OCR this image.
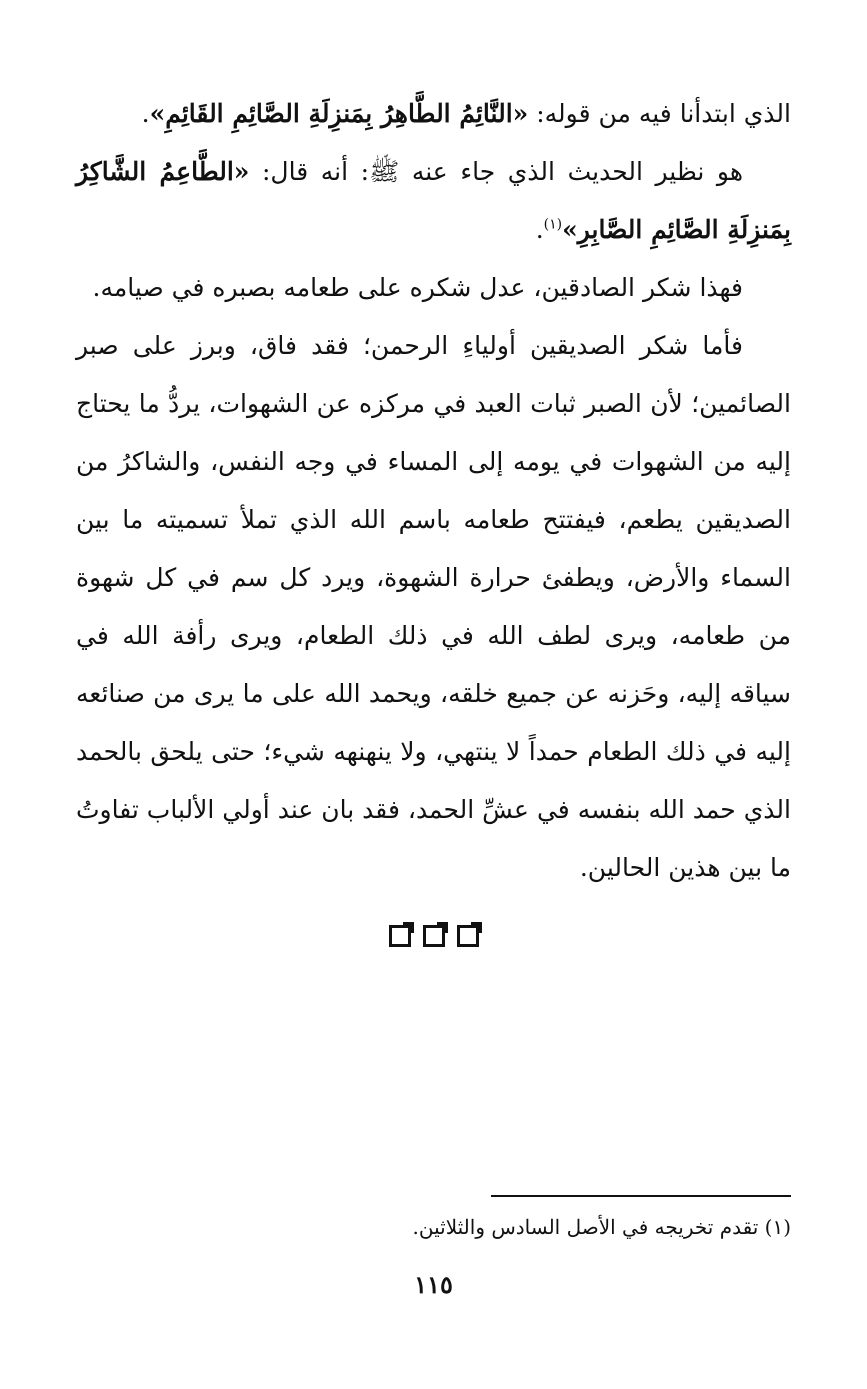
الذي ابتدأنا فيه من قوله: «النَّائِمُ الطَّاهِرُ بِمَنزِلَةِ الصَّائِمِ القَائِمِ».

هو نظير الحديث الذي جاء عنه ﷺ: أنه قال: «الطَّاعِمُ الشَّاكِرُ بِمَنزِلَةِ الصَّائِمِ الصَّابِرِ»$^{(١)}$.

فهذا شكر الصادقين، عدل شكره على طعامه بصبره في صيامه.

فأما شكر الصديقين أولياءِ الرحمن؛ فقد فاق، وبرز على صبر الصائمين؛ لأن الصبر ثبات العبد في مركزه عن الشهوات، يردُّ ما يحتاج إليه من الشهوات في يومه إلى المساء في وجه النفس، والشاكرُ من الصديقين يطعم، فيفتتح طعامه باسم الله الذي تملأ تسميته ما بين السماء والأرض، ويطفئ حرارة الشهوة، ويرد كل سم في كل شهوة من طعامه، ويرى لطف الله في ذلك الطعام، ويرى رأفة الله في سياقه إليه، وحَزنه عن جميع خلقه، ويحمد الله على ما يرى من صنائعه إليه في ذلك الطعام حمداً لا ينتهي، ولا ينهنهه شيء؛ حتى يلحق بالحمد الذي حمد الله بنفسه في عشِّ الحمد، فقد بان عند أولي الألباب تفاوتُ ما بين هذين الحالين.

(١) تقدم تخريجه في الأصل السادس والثلاثين.
١١٥
